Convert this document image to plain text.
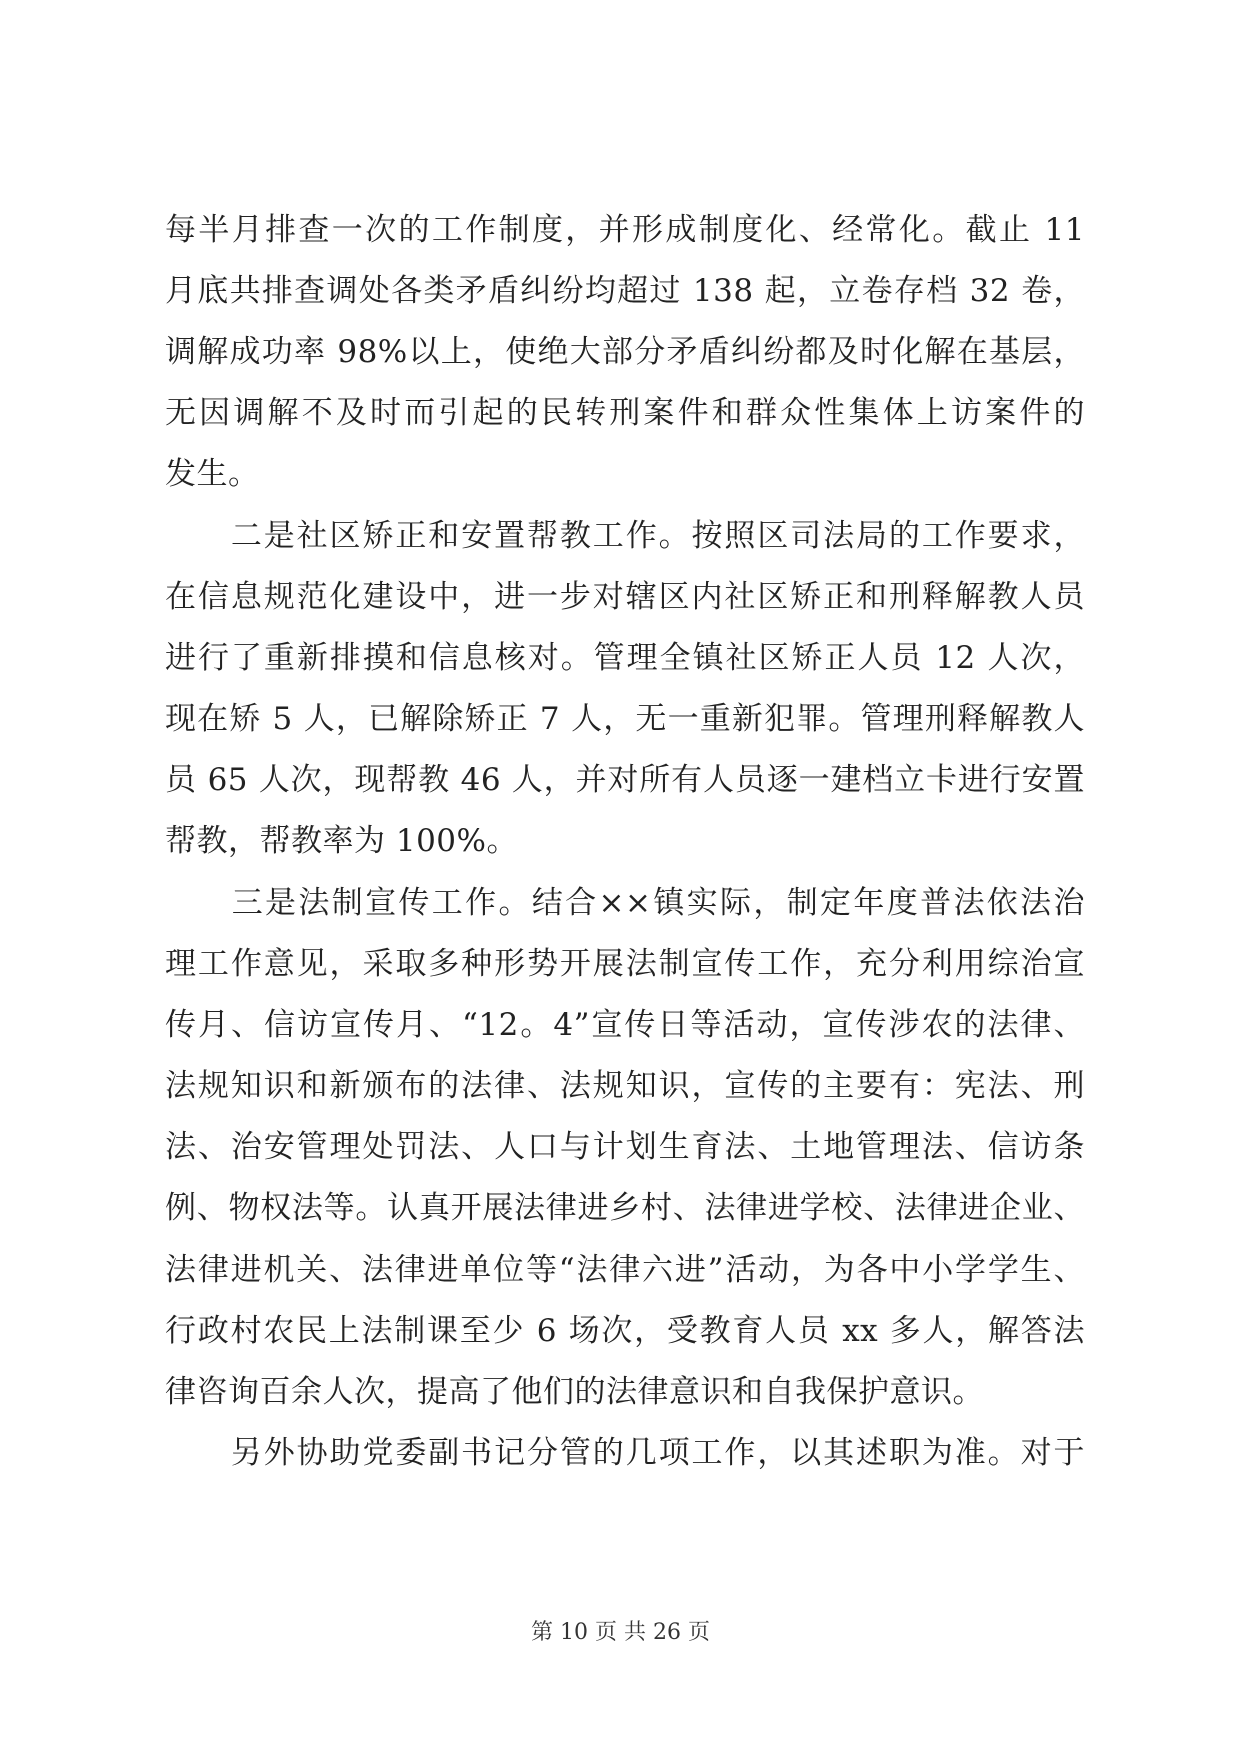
每半月排查一次的工作制度，并形成制度化、经常化。截止 11
月底共排查调处各类矛盾纠纷均超过 138 起，立卷存档 32 卷，
调解成功率 98%以上，使绝大部分矛盾纠纷都及时化解在基层，
无因调解不及时而引起的民转刑案件和群众性集体上访案件的
发生。
　　二是社区矫正和安置帮教工作。按照区司法局的工作要求，
在信息规范化建设中，进一步对辖区内社区矫正和刑释解教人员
进行了重新排摸和信息核对。管理全镇社区矫正人员 12 人次，
现在矫 5 人，已解除矫正 7 人，无一重新犯罪。管理刑释解教人
员 65 人次，现帮教 46 人，并对所有人员逐一建档立卡进行安置
帮教，帮教率为 100%。
　　三是法制宣传工作。结合××镇实际，制定年度普法依法治
理工作意见，采取多种形势开展法制宣传工作，充分利用综治宣
传月、信访宣传月、“12。4”宣传日等活动，宣传涉农的法律、
法规知识和新颁布的法律、法规知识，宣传的主要有：宪法、刑
法、治安管理处罚法、人口与计划生育法、土地管理法、信访条
例、物权法等。认真开展法律进乡村、法律进学校、法律进企业、
法律进机关、法律进单位等“法律六进”活动，为各中小学学生、
行政村农民上法制课至少 6 场次，受教育人员 xx 多人，解答法
律咨询百余人次，提高了他们的法律意识和自我保护意识。
　　另外协助党委副书记分管的几项工作，以其述职为准。对于
第 10 页 共 26 页
